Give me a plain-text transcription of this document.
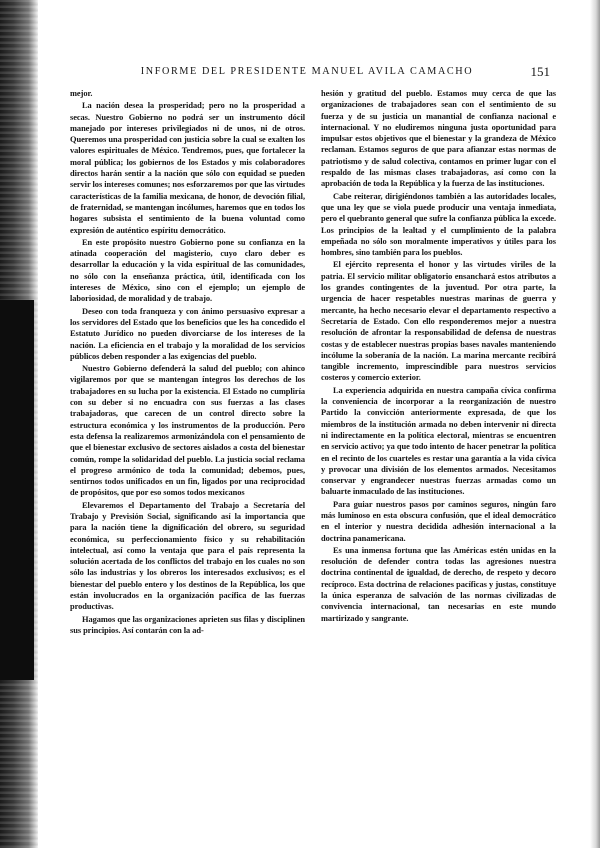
INFORME DEL PRESIDENTE MANUEL AVILA CAMACHO	151

mejor.

La nación desea la prosperidad; pero no la prosperidad a secas. Nuestro Gobierno no podrá ser un instrumento dócil manejado por intereses privilegiados ni de unos, ni de otros. Queremos una prosperidad con justicia sobre la cual se exalten los valores espirituales de México. Tendremos, pues, que fortalecer la moral pública; los gobiernos de los Estados y mis colaboradores directos harán sentir a la nación que sólo con equidad se pueden servir los intereses comunes; nos esforzaremos por que las virtudes características de la familia mexicana, de honor, de devoción filial, de fraternidad, se mantengan incólumes, haremos que en todos los hogares subsista el sentimiento de la buena voluntad como expresión de auténtico espíritu democrático.

En este propósito nuestro Gobierno pone su confianza en la atinada cooperación del magisterio, cuyo claro deber es desarrollar la educación y la vida espiritual de las comunidades, no sólo con la enseñanza práctica, útil, identificada con los intereses de México, sino con el ejemplo; un ejemplo de laboriosidad, de moralidad y de trabajo.

Deseo con toda franqueza y con ánimo persuasivo expresar a los servidores del Estado que los beneficios que les ha concedido el Estatuto Jurídico no pueden divorciarse de los intereses de la nación. La eficiencia en el trabajo y la moralidad de los servicios públicos deben responder a las exigencias del pueblo.

Nuestro Gobierno defenderá la salud del pueblo; con ahinco vigilaremos por que se mantengan íntegros los derechos de los trabajadores en su lucha por la existencia. El Estado no cumpliría con su deber si no encuadra con sus fuerzas a las clases trabajadoras, que carecen de un control directo sobre la estructura económica y los instrumentos de la producción. Pero esta defensa la realizaremos armonizándola con el pensamiento de que el bienestar exclusivo de sectores aislados a costa del bienestar común, rompe la solidaridad del pueblo. La justicia social reclama el progreso armónico de toda la comunidad; debemos, pues, sentirnos todos unificados en un fin, ligados por una reciprocidad de propósitos, que por eso somos todos mexicanos

Elevaremos el Departamento del Trabajo a Secretaría del Trabajo y Previsión Social, significando así la importancia que para la nación tiene la dignificación del obrero, su seguridad económica, su perfeccionamiento físico y su rehabilitación intelectual, así como la ventaja que para el país representa la solución acertada de los conflictos del trabajo en los cuales no son sólo las industrias y los obreros los interesados exclusivos; es el bienestar del pueblo entero y los destinos de la República, los que están involucrados en la organización pacífica de las fuerzas productivas.

Hagamos que las organizaciones aprieten sus filas y disciplinen sus principios. Así contarán con la ad-

hesión y gratitud del pueblo. Estamos muy cerca de que las organizaciones de trabajadores sean con el sentimiento de su fuerza y de su justicia un manantial de confianza nacional e internacional. Y no eludiremos ninguna justa oportunidad para impulsar estos objetivos que el bienestar y la grandeza de México reclaman. Estamos seguros de que para afianzar estas normas de patriotismo y de salud colectiva, contamos en primer lugar con el respaldo de las mismas clases trabajadoras, así como con la aprobación de toda la República y la fuerza de las instituciones.

Cabe reiterar, dirigiéndonos también a las autoridades locales, que una ley que se viola puede producir una ventaja inmediata, pero el quebranto general que sufre la confianza pública la excede. Los principios de la lealtad y el cumplimiento de la palabra empeñada no sólo son moralmente imperativos y útiles para los hombres, sino también para los pueblos.

El ejército representa el honor y las virtudes viriles de la patria. El servicio militar obligatorio ensanchará estos atributos a los grandes contingentes de la juventud. Por otra parte, la urgencia de hacer respetables nuestras marinas de guerra y mercante, ha hecho necesario elevar el departamento respectivo a Secretaría de Estado. Con ello responderemos mejor a nuestra resolución de afrontar la responsabilidad de defensa de nuestras costas y de establecer nuestras propias bases navales manteniendo incólume la soberanía de la nación. La marina mercante recibirá tangible incremento, imprescindible para nuestros servicios costeros y comercio exterior.

La experiencia adquirida en nuestra campaña cívica confirma la conveniencia de incorporar a la reorganización de nuestro Partido la convicción anteriormente expresada, de que los miembros de la institución armada no deben intervenir ni directa ni indirectamente en la política electoral, mientras se encuentren en servicio activo; ya que todo intento de hacer penetrar la política en el recinto de los cuarteles es restar una garantía a la vida cívica y provocar una división de los elementos armados. Necesitamos conservar y engrandecer nuestras fuerzas armadas como un baluarte inmaculado de las instituciones.

Para guiar nuestros pasos por caminos seguros, ningún faro más luminoso en esta obscura confusión, que el ideal democrático en el interior y nuestra decidida adhesión internacional a la doctrina panamericana.

Es una inmensa fortuna que las Américas estén unidas en la resolución de defender contra todas las agresiones nuestra doctrina continental de igualdad, de derecho, de respeto y decoro recíproco. Esta doctrina de relaciones pacíficas y justas, constituye la única esperanza de salvación de las normas civilizadas de convivencia internacional, tan necesarias en este mundo martirizado y sangrante.
